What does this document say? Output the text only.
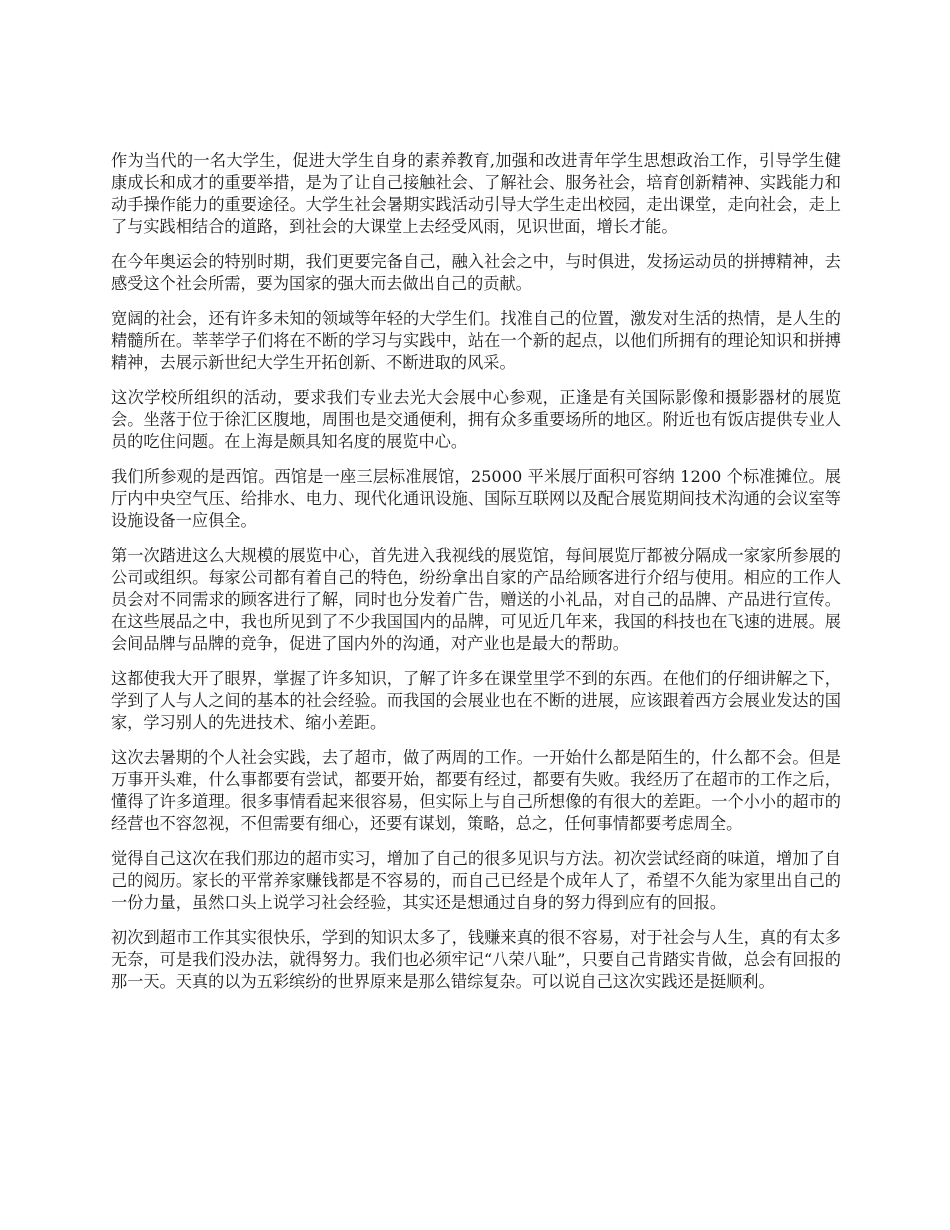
作为当代的一名大学生，促进大学生自身的素养教育,加强和改进青年学生思想政治工作，引导学生健康成长和成才的重要举措，是为了让自己接触社会、了解社会、服务社会，培育创新精神、实践能力和动手操作能力的重要途径。大学生社会暑期实践活动引导大学生走出校园，走出课堂，走向社会，走上了与实践相结合的道路，到社会的大课堂上去经受风雨，见识世面，增长才能。

在今年奥运会的特别时期，我们更要完备自己，融入社会之中，与时俱进，发扬运动员的拼搏精神，去感受这个社会所需，要为国家的强大而去做出自己的贡献。

宽阔的社会，还有许多未知的领域等年轻的大学生们。找准自己的位置，激发对生活的热情，是人生的精髓所在。莘莘学子们将在不断的学习与实践中，站在一个新的起点，以他们所拥有的理论知识和拼搏精神，去展示新世纪大学生开拓创新、不断进取的风采。

这次学校所组织的活动，要求我们专业去光大会展中心参观，正逢是有关国际影像和摄影器材的展览会。坐落于位于徐汇区腹地，周围也是交通便利，拥有众多重要场所的地区。附近也有饭店提供专业人员的吃住问题。在上海是颇具知名度的展览中心。

我们所参观的是西馆。西馆是一座三层标准展馆，25000 平米展厅面积可容纳 1200 个标准摊位。展厅内中央空气压、给排水、电力、现代化通讯设施、国际互联网以及配合展览期间技术沟通的会议室等设施设备一应俱全。

第一次踏进这么大规模的展览中心，首先进入我视线的展览馆，每间展览厅都被分隔成一家家所参展的公司或组织。每家公司都有着自己的特色，纷纷拿出自家的产品给顾客进行介绍与使用。相应的工作人员会对不同需求的顾客进行了解，同时也分发着广告，赠送的小礼品，对自己的品牌、产品进行宣传。在这些展品之中，我也所见到了不少我国国内的品牌，可见近几年来，我国的科技也在飞速的进展。展会间品牌与品牌的竞争，促进了国内外的沟通，对产业也是最大的帮助。

这都使我大开了眼界，掌握了许多知识，了解了许多在课堂里学不到的东西。在他们的仔细讲解之下，学到了人与人之间的基本的社会经验。而我国的会展业也在不断的进展，应该跟着西方会展业发达的国家，学习别人的先进技术、缩小差距。

这次去暑期的个人社会实践，去了超市，做了两周的工作。一开始什么都是陌生的，什么都不会。但是万事开头难，什么事都要有尝试，都要开始，都要有经过，都要有失败。我经历了在超市的工作之后，懂得了许多道理。很多事情看起来很容易，但实际上与自己所想像的有很大的差距。一个小小的超市的经营也不容忽视，不但需要有细心，还要有谋划，策略，总之，任何事情都要考虑周全。

觉得自己这次在我们那边的超市实习，增加了自己的很多见识与方法。初次尝试经商的味道，增加了自己的阅历。家长的平常养家赚钱都是不容易的，而自己已经是个成年人了，希望不久能为家里出自己的一份力量，虽然口头上说学习社会经验，其实还是想通过自身的努力得到应有的回报。

初次到超市工作其实很快乐，学到的知识太多了，钱赚来真的很不容易，对于社会与人生，真的有太多无奈，可是我们没办法，就得努力。我们也必须牢记“八荣八耻”，只要自己肯踏实肯做，总会有回报的那一天。天真的以为五彩缤纷的世界原来是那么错综复杂。可以说自己这次实践还是挺顺利。
